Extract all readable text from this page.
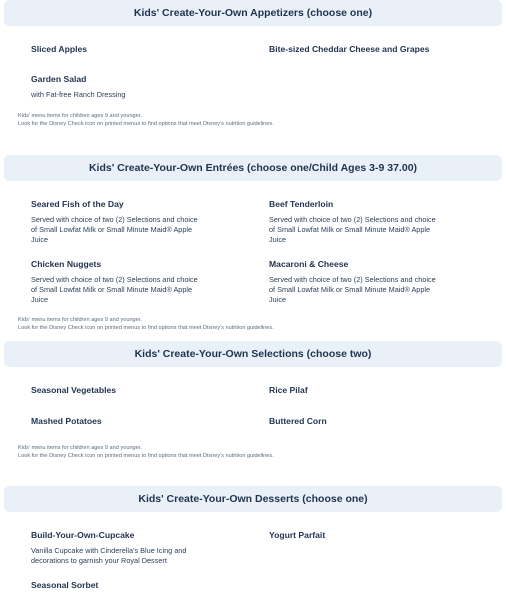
Kids' Create-Your-Own Appetizers (choose one)
Sliced Apples	Bite-sized Cheddar Cheese and Grapes
Garden Salad
with Fat-free Ranch Dressing
Kids' menu items for children ages 9 and younger.
Look for the Disney Check icon on printed menus to find options that meet Disney's nutrition guidelines.
Kids' Create-Your-Own Entrées (choose one/Child Ages 3-9 37.00)
Seared Fish of the Day
Served with choice of two (2) Selections and choice of Small Lowfat Milk or Small Minute Maid® Apple Juice
Beef Tenderloin
Served with choice of two (2) Selections and choice of Small Lowfat Milk or Small Minute Maid® Apple Juice
Chicken Nuggets
Served with choice of two (2) Selections and choice of Small Lowfat Milk or Small Minute Maid® Apple Juice
Macaroni & Cheese
Served with choice of two (2) Selections and choice of Small Lowfat Milk or Small Minute Maid® Apple Juice
Kids' menu items for children ages 9 and younger.
Look for the Disney Check icon on printed menus to find options that meet Disney's nutrition guidelines.
Kids' Create-Your-Own Selections (choose two)
Seasonal Vegetables	Rice Pilaf
Mashed Potatoes	Buttered Corn
Kids' menu items for children ages 9 and younger.
Look for the Disney Check icon on printed menus to find options that meet Disney's nutrition guidelines.
Kids' Create-Your-Own Desserts (choose one)
Build-Your-Own-Cupcake
Vanilla Cupcake with Cinderella's Blue Icing and decorations to garnish your Royal Dessert
Yogurt Parfait
Seasonal Sorbet
